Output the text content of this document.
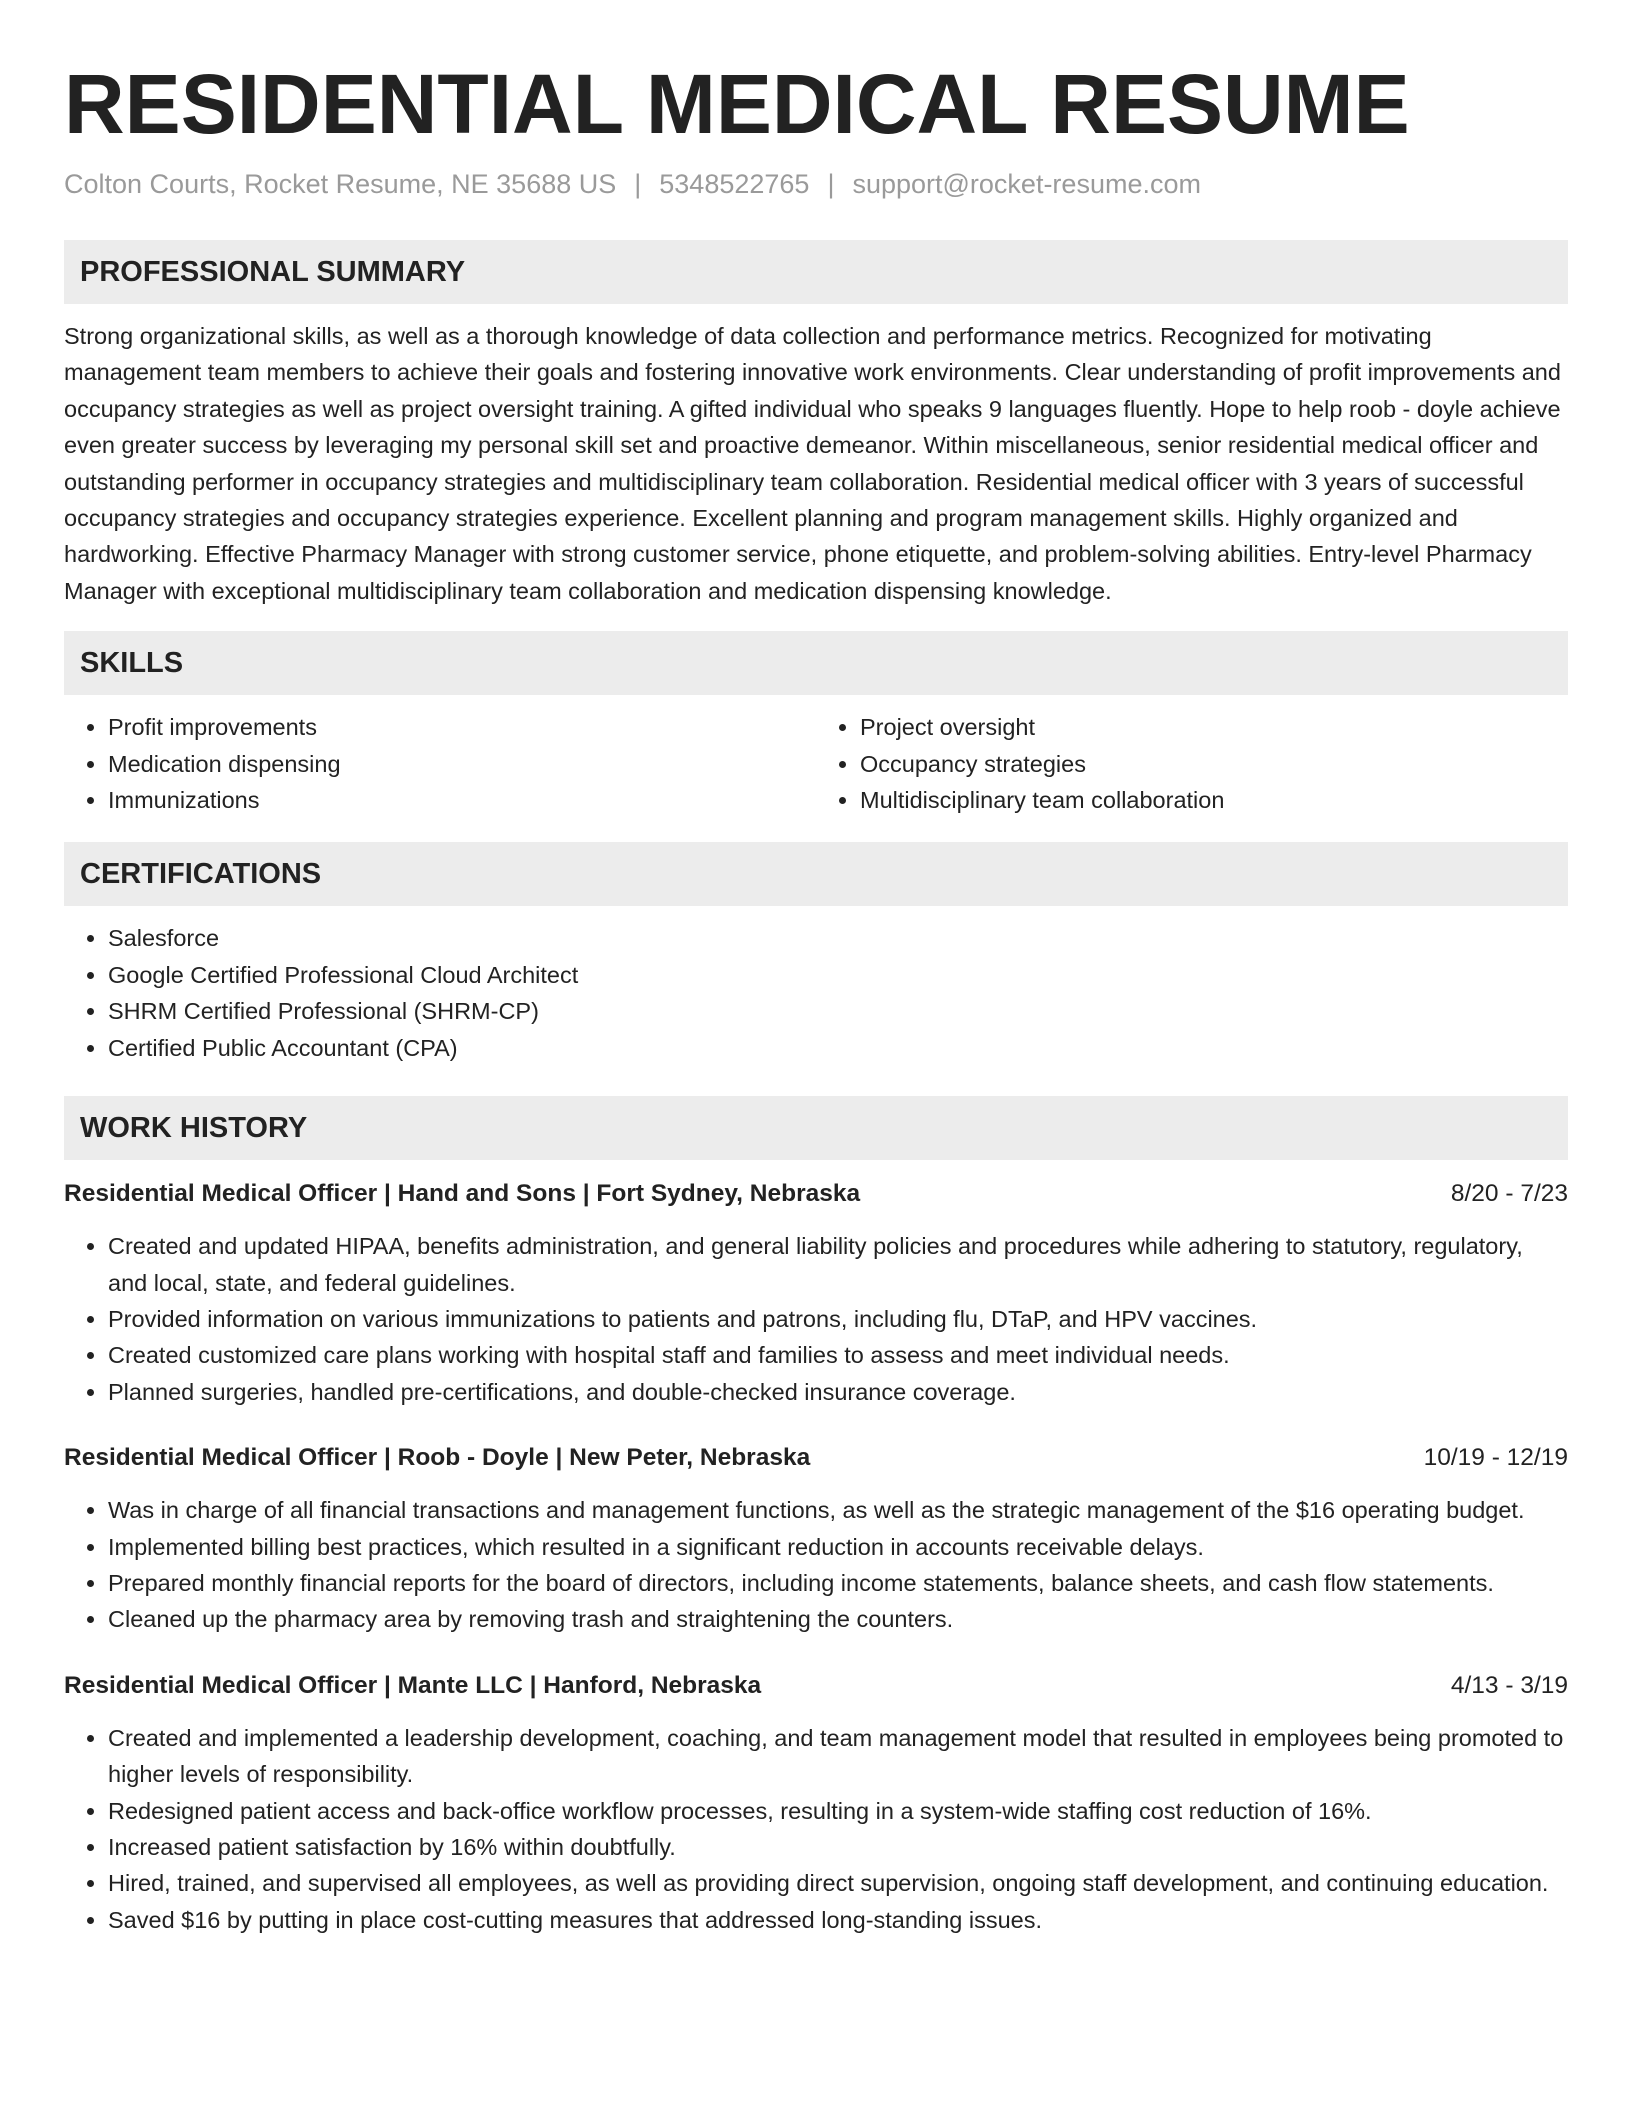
RESIDENTIAL MEDICAL RESUME
Colton Courts, Rocket Resume, NE 35688 US | 5348522765 | support@rocket-resume.com
PROFESSIONAL SUMMARY

Strong organizational skills, as well as a thorough knowledge of data collection and performance metrics. Recognized for motivating management team members to achieve their goals and fostering innovative work environments. Clear understanding of profit improvements and occupancy strategies as well as project oversight training. A gifted individual who speaks 9 languages fluently. Hope to help roob - doyle achieve even greater success by leveraging my personal skill set and proactive demeanor. Within miscellaneous, senior residential medical officer and outstanding performer in occupancy strategies and multidisciplinary team collaboration. Residential medical officer with 3 years of successful occupancy strategies and occupancy strategies experience. Excellent planning and program management skills. Highly organized and hardworking. Effective Pharmacy Manager with strong customer service, phone etiquette, and problem-solving abilities. Entry-level Pharmacy Manager with exceptional multidisciplinary team collaboration and medication dispensing knowledge.

SKILLS
• Profit improvements
• Medication dispensing
• Immunizations
• Project oversight
• Occupancy strategies
• Multidisciplinary team collaboration
CERTIFICATIONS
• Salesforce
• Google Certified Professional Cloud Architect
• SHRM Certified Professional (SHRM-CP)
• Certified Public Accountant (CPA)
WORK HISTORY
Residential Medical Officer | Hand and Sons | Fort Sydney, Nebraska	8/20 - 7/23
• Created and updated HIPAA, benefits administration, and general liability policies and procedures while adhering to statutory, regulatory, and local, state, and federal guidelines.
• Provided information on various immunizations to patients and patrons, including flu, DTaP, and HPV vaccines.
• Created customized care plans working with hospital staff and families to assess and meet individual needs.
• Planned surgeries, handled pre-certifications, and double-checked insurance coverage.
Residential Medical Officer | Roob - Doyle | New Peter, Nebraska	10/19 - 12/19
• Was in charge of all financial transactions and management functions, as well as the strategic management of the $16 operating budget.
• Implemented billing best practices, which resulted in a significant reduction in accounts receivable delays.
• Prepared monthly financial reports for the board of directors, including income statements, balance sheets, and cash flow statements.
• Cleaned up the pharmacy area by removing trash and straightening the counters.
Residential Medical Officer | Mante LLC | Hanford, Nebraska	4/13 - 3/19
• Created and implemented a leadership development, coaching, and team management model that resulted in employees being promoted to higher levels of responsibility.
• Redesigned patient access and back-office workflow processes, resulting in a system-wide staffing cost reduction of 16%.
• Increased patient satisfaction by 16% within doubtfully.
• Hired, trained, and supervised all employees, as well as providing direct supervision, ongoing staff development, and continuing education.
• Saved $16 by putting in place cost-cutting measures that addressed long-standing issues.
